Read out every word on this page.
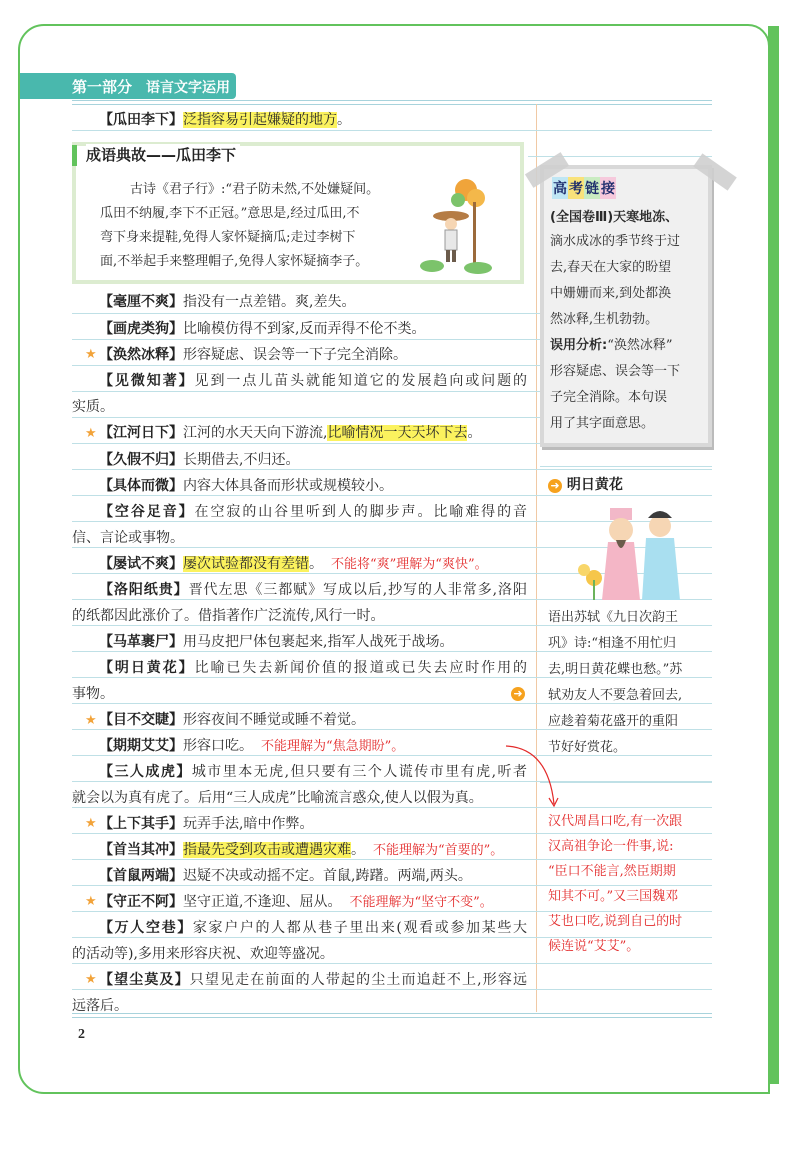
第一部分 语言文字运用
【瓜田李下】泛指容易引起嫌疑的地方。
成语典故——瓜田李下
古诗《君子行》:“君子防未然,不处嫌疑间。
瓜田不纳履,李下不正冠。”意思是,经过瓜田,不
弯下身来提鞋,免得人家怀疑摘瓜;走过李树下
面,不举起手来整理帽子,免得人家怀疑摘李子。
【毫厘不爽】指没有一点差错。爽,差失。
【画虎类狗】比喻模仿得不到家,反而弄得不伦不类。
★ 【涣然冰释】形容疑虑、误会等一下子完全消除。
【见微知著】见到一点儿苗头就能知道它的发展趋向或问题的
实质。
★ 【江河日下】江河的水天天向下游流,比喻情况一天天坏下去。
【久假不归】长期借去,不归还。
【具体而微】内容大体具备而形状或规模较小。
【空谷足音】在空寂的山谷里听到人的脚步声。比喻难得的音
信、言论或事物。
【屡试不爽】屡次试验都没有差错。 不能将“爽”理解为“爽快”。
【洛阳纸贵】晋代左思《三都赋》写成以后,抄写的人非常多,洛阳
的纸都因此涨价了。借指著作广泛流传,风行一时。
【马革裹尸】用马皮把尸体包裹起来,指军人战死于战场。
【明日黄花】比喻已失去新闻价值的报道或已失去应时作用的
事物。	➜
★ 【目不交睫】形容夜间不睡觉或睡不着觉。
【期期艾艾】形容口吃。 不能理解为“焦急期盼”。
【三人成虎】城市里本无虎,但只要有三个人谎传市里有虎,听者
就会以为真有虎了。后用“三人成虎”比喻流言惑众,使人以假为真。
★ 【上下其手】玩弄手法,暗中作弊。
【首当其冲】指最先受到攻击或遭遇灾难。 不能理解为“首要的”。
【首鼠两端】迟疑不决或动摇不定。首鼠,踌躇。两端,两头。
★ 【守正不阿】坚守正道,不逢迎、屈从。 不能理解为“坚守不变”。
【万人空巷】家家户户的人都从巷子里出来(观看或参加某些大
的活动等),多用来形容庆祝、欢迎等盛况。
★ 【望尘莫及】只望见走在前面的人带起的尘土而追赶不上,形容远
远落后。
高 考 链 接
(全国卷Ⅲ)天寒地冻、
滴水成冰的季节终于过
去,春天在大家的盼望
中姗姗而来,到处都涣
然冰释,生机勃勃。
误用分析:“涣然冰释”
形容疑虑、误会等一下
子完全消除。本句误
用了其字面意思。
➜ 明日黄花
语出苏轼《九日次韵王
巩》诗:“相逢不用忙归
去,明日黄花蝶也愁。”苏
轼劝友人不要急着回去,
应趁着菊花盛开的重阳
节好好赏花。
汉代周昌口吃,有一次跟
汉高祖争论一件事,说:
“臣口不能言,然臣期期
知其不可。”又三国魏邓
艾也口吃,说到自己的时
候连说“艾艾”。
2
